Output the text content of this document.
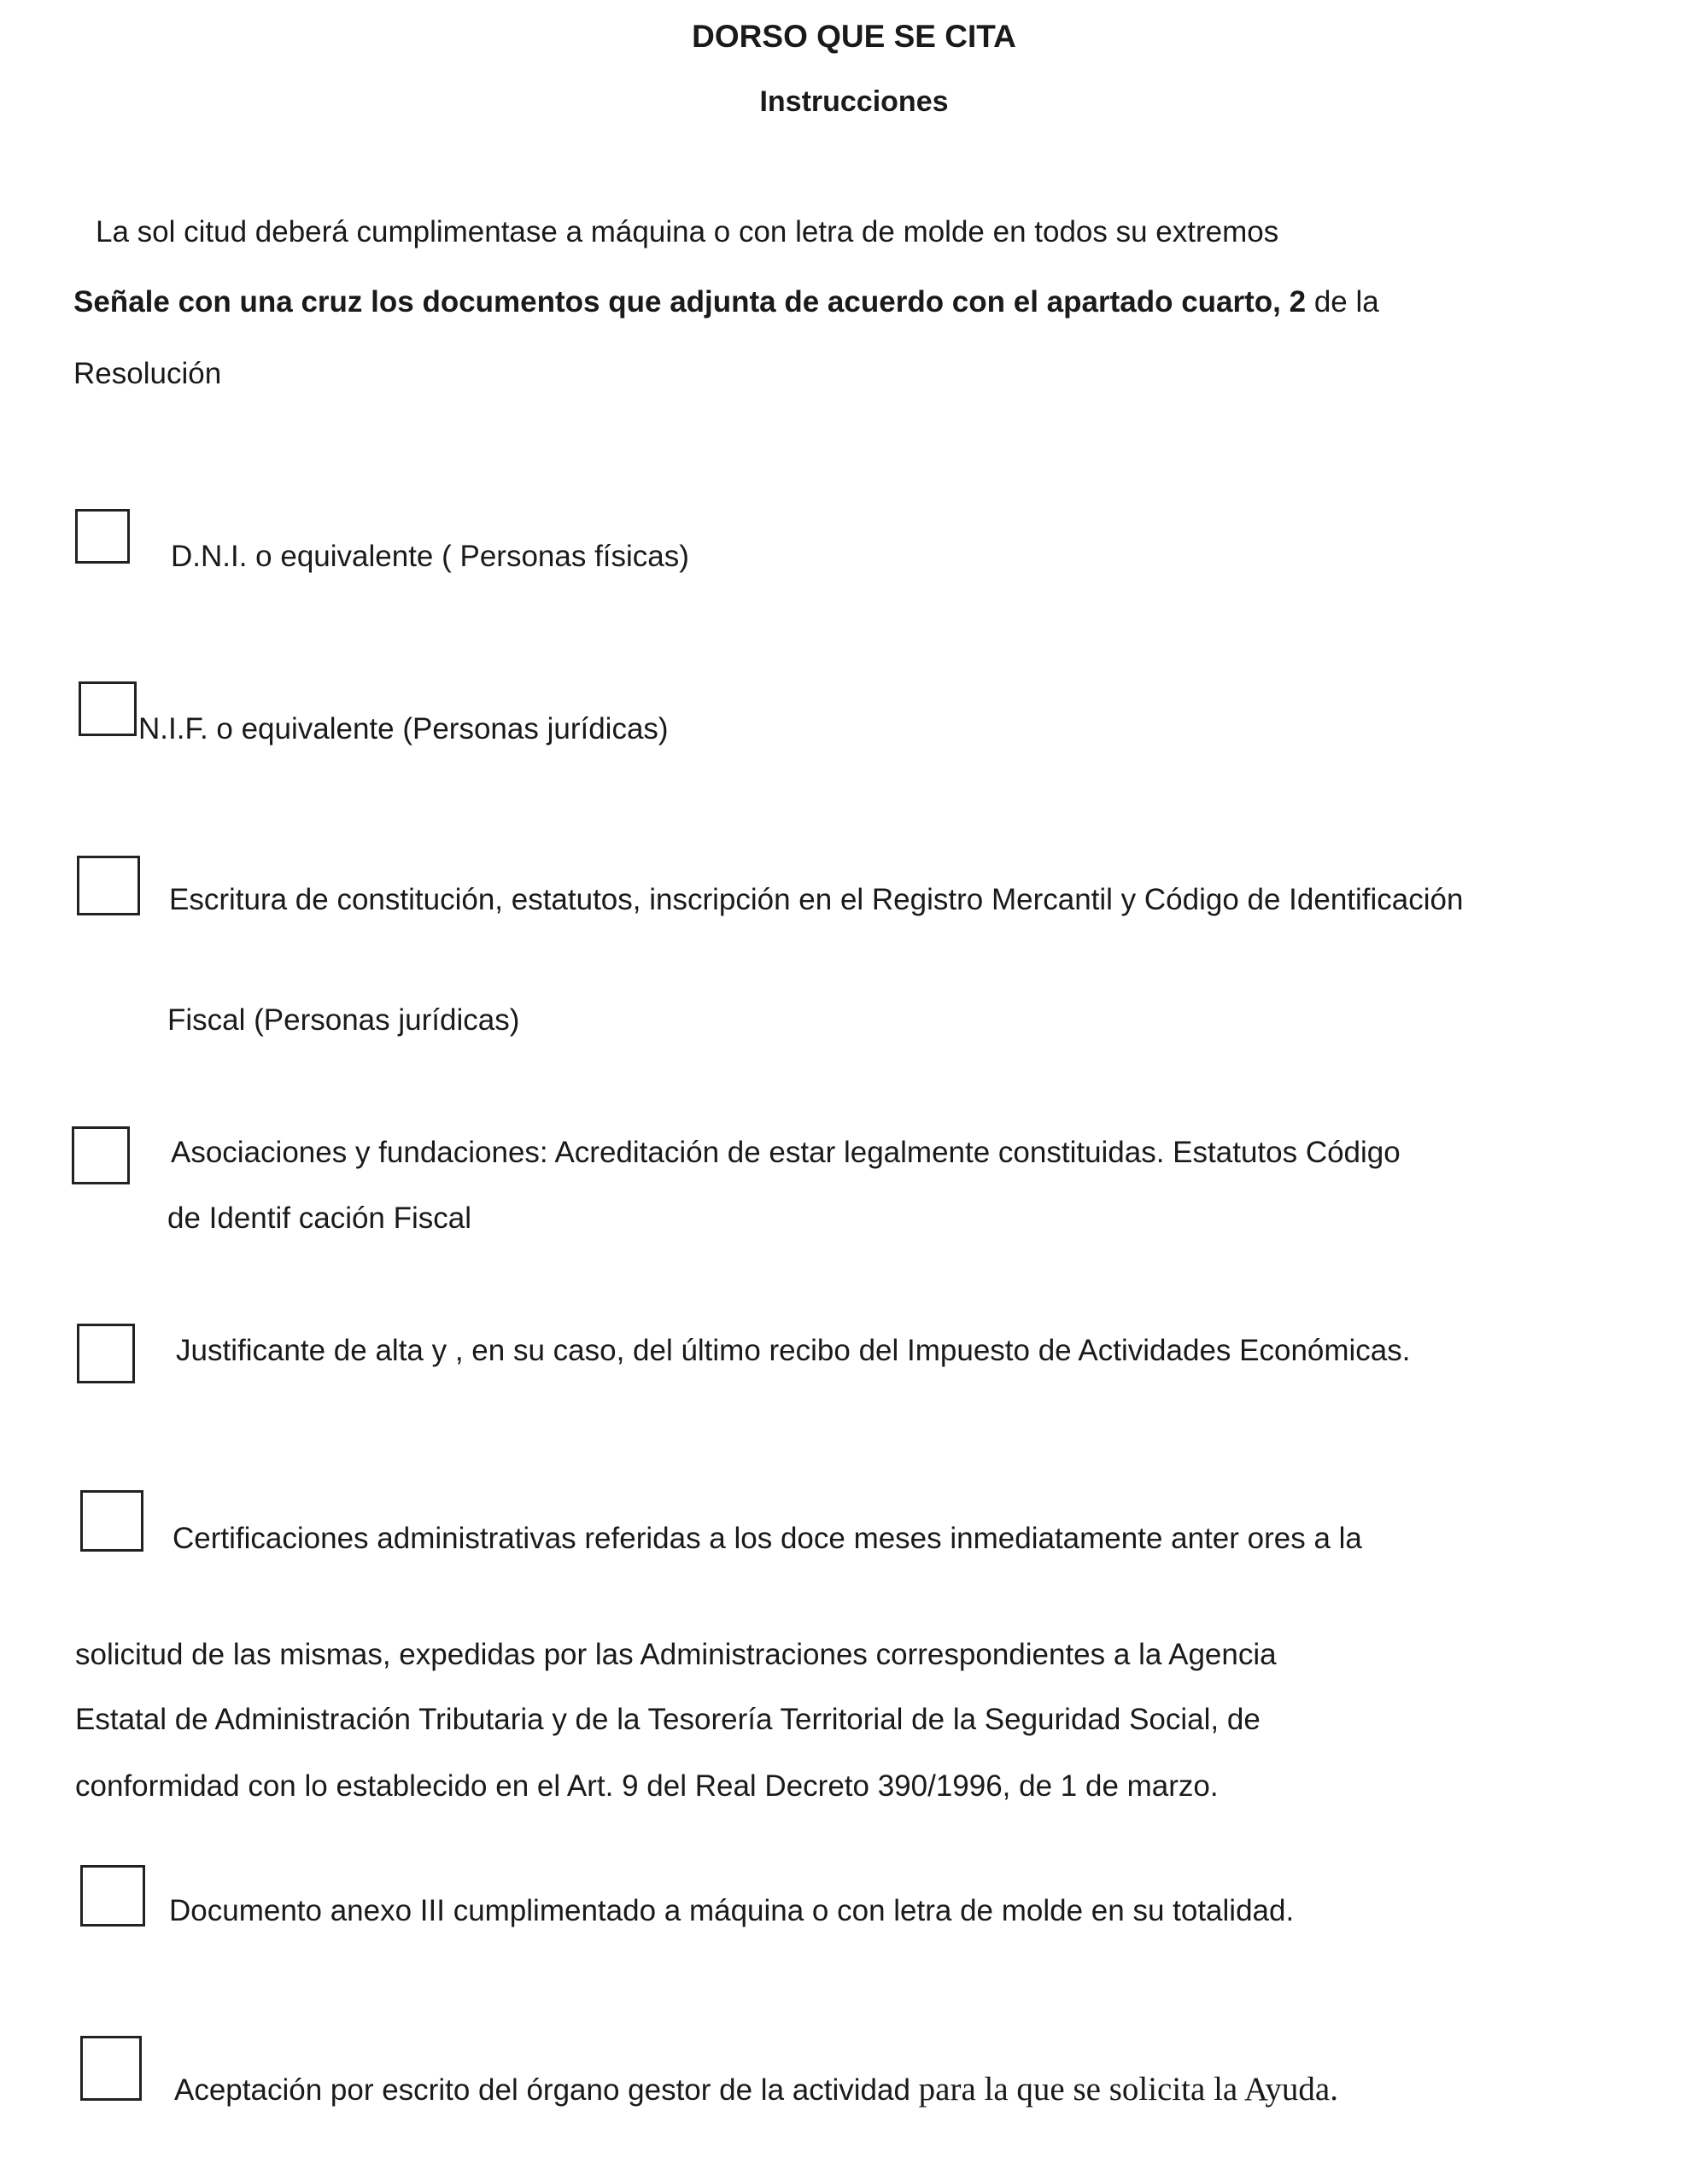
DORSO QUE SE CITA

Instrucciones

La sol citud deberá cumplimentase a máquina o con letra de molde en todos su extremos

Señale con una cruz los documentos que adjunta de acuerdo con el apartado cuarto, 2 de la

Resolución

D.N.I. o equivalente ( Personas físicas)

N.I.F. o equivalente (Personas jurídicas)

Escritura de constitución, estatutos, inscripción en el Registro Mercantil y Código de Identificación

Fiscal (Personas jurídicas)

Asociaciones y fundaciones: Acreditación de estar legalmente constituidas. Estatutos Código

de Identif cación Fiscal

Justificante de alta y , en su caso, del último recibo del Impuesto de Actividades Económicas.

Certificaciones administrativas referidas a los doce meses inmediatamente anter ores a la

solicitud de las mismas, expedidas por las Administraciones correspondientes a la Agencia

Estatal de Administración Tributaria y de la Tesorería Territorial de la Seguridad Social, de

conformidad con lo establecido en el Art. 9 del Real Decreto 390/1996, de 1 de marzo.

Documento anexo III cumplimentado a máquina o con letra de molde en su totalidad.

Aceptación por escrito del órgano gestor de la actividad para la que se solicita la Ayuda.
